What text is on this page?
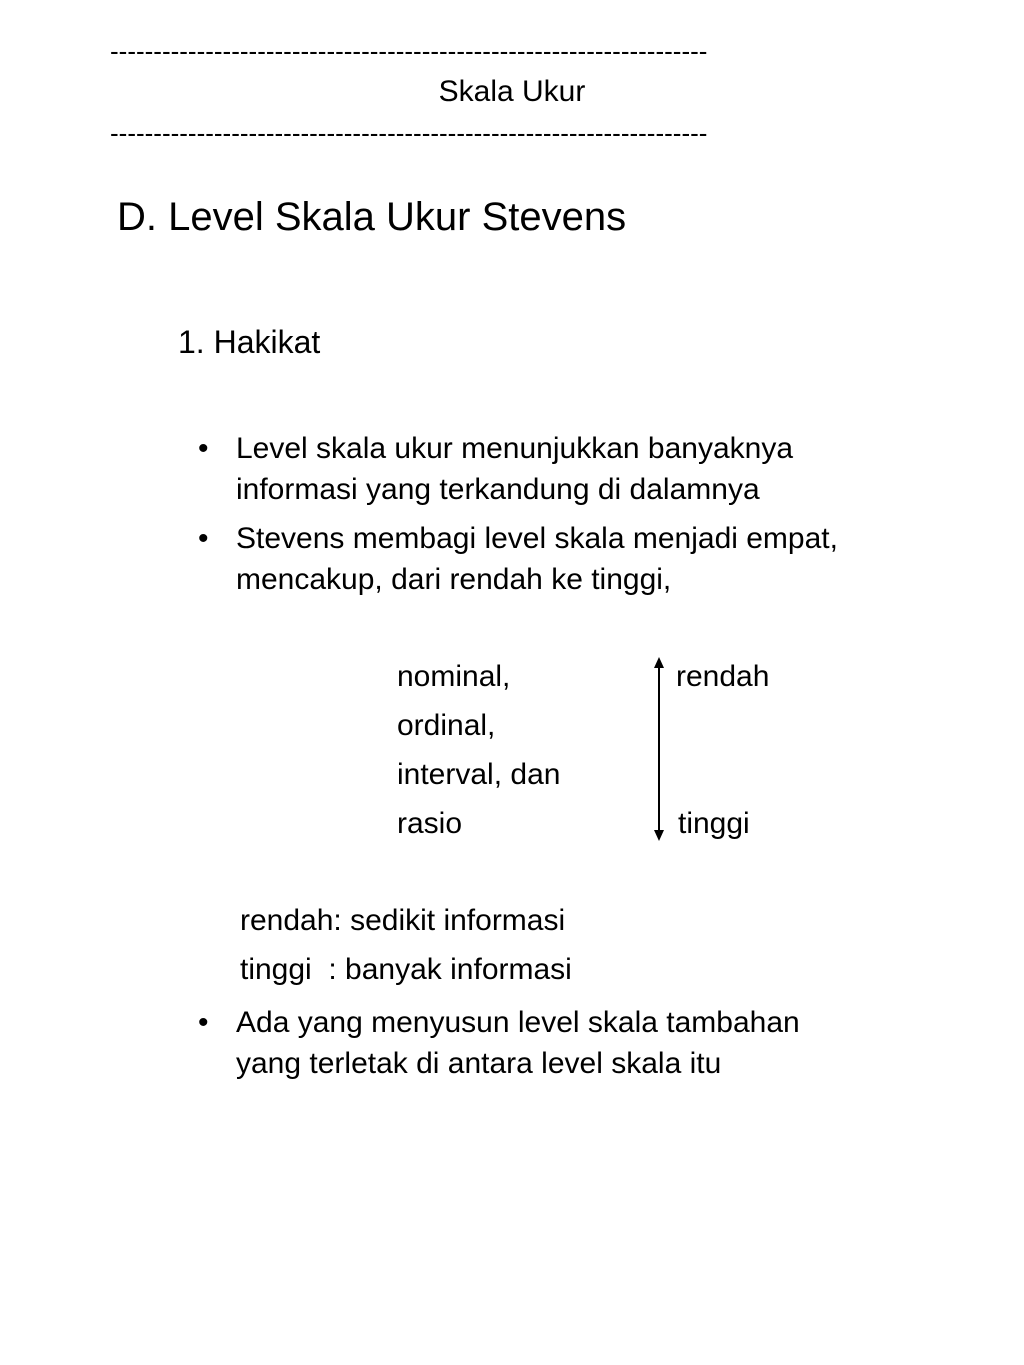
---------------------------------------------------------------------
Skala Ukur
---------------------------------------------------------------------
D. Level Skala Ukur Stevens
1. Hakikat
• Level skala ukur menunjukkan banyaknya
informasi yang terkandung di dalamnya
• Stevens membagi level skala menjadi empat,
mencakup, dari rendah ke tinggi,
nominal,
ordinal,
interval, dan
rasio
rendah
tinggi
rendah: sedikit informasi
tinggi  : banyak informasi
• Ada yang menyusun level skala tambahan
yang terletak di antara level skala itu
